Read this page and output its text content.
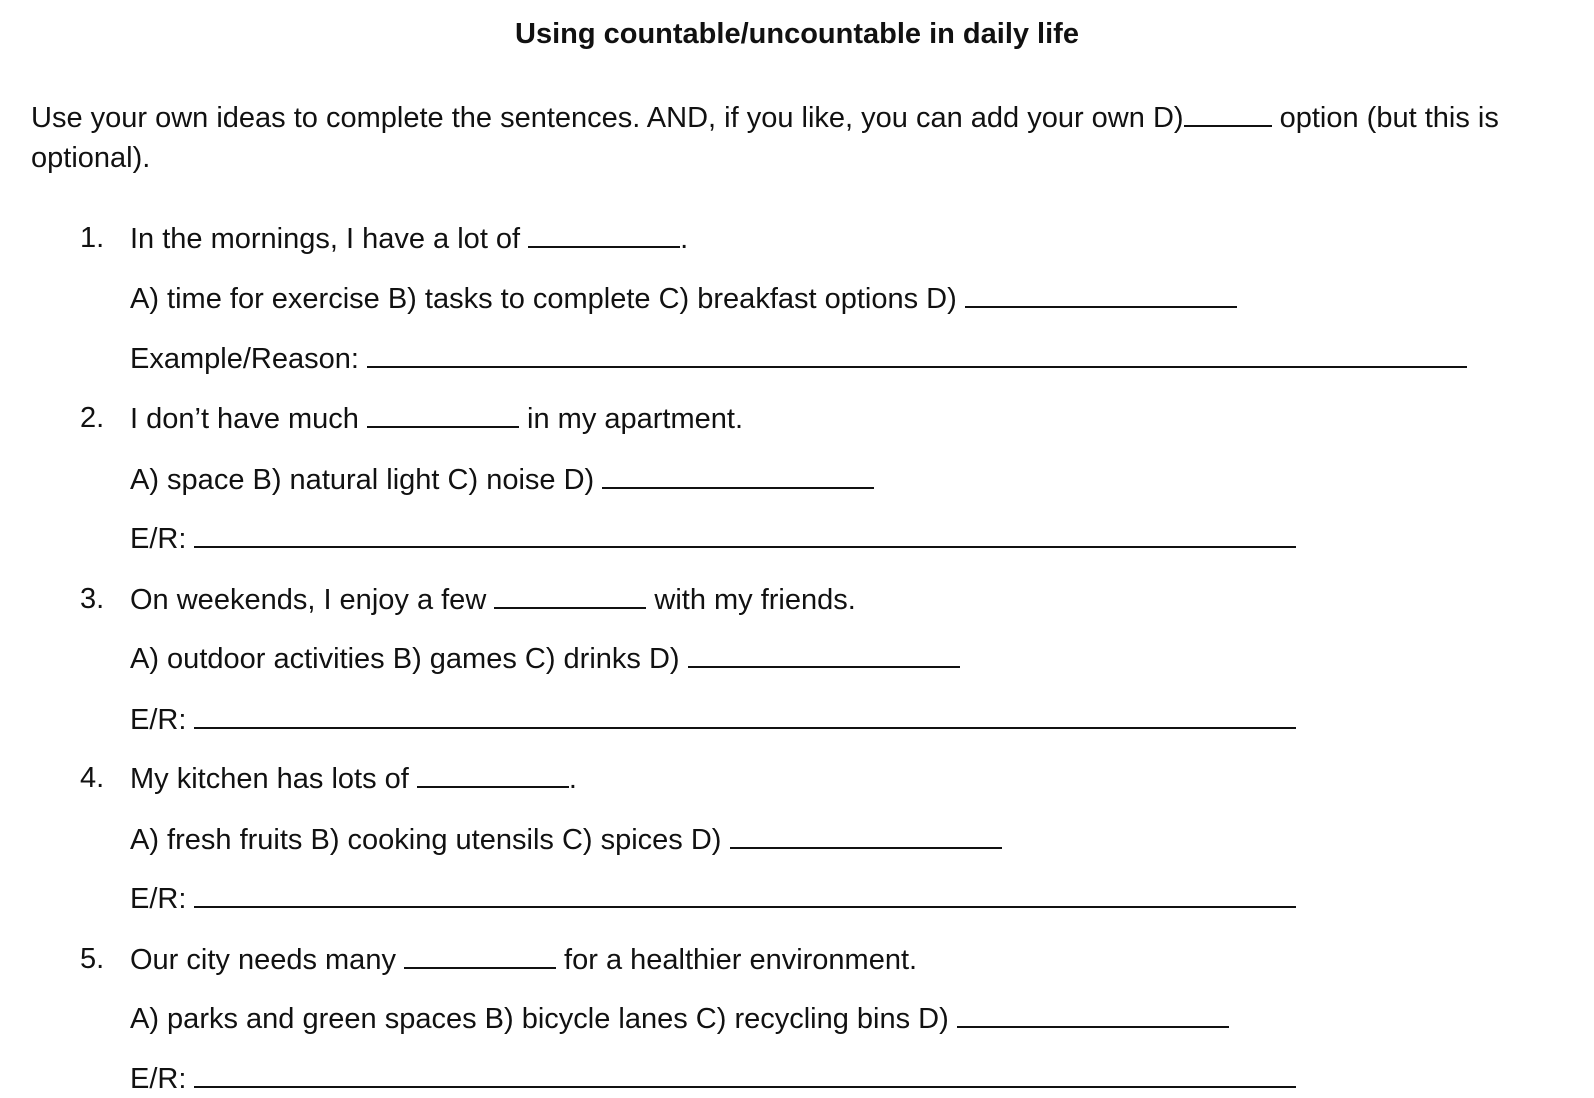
Using countable/uncountable in daily life
Use your own ideas to complete the sentences. AND, if you like, you can add your own D)	option (but this is optional).
1. In the mornings, I have a lot of	.
A) time for exercise B) tasks to complete C) breakfast options D)
Example/Reason:
2. I don’t have much	in my apartment.
A) space B) natural light C) noise D)
E/R:
3. On weekends, I enjoy a few	with my friends.
A) outdoor activities B) games C) drinks D)
E/R:
4. My kitchen has lots of	.
A) fresh fruits B) cooking utensils C) spices D)
E/R:
5. Our city needs many	for a healthier environment.
A) parks and green spaces B) bicycle lanes C) recycling bins D)
E/R:
